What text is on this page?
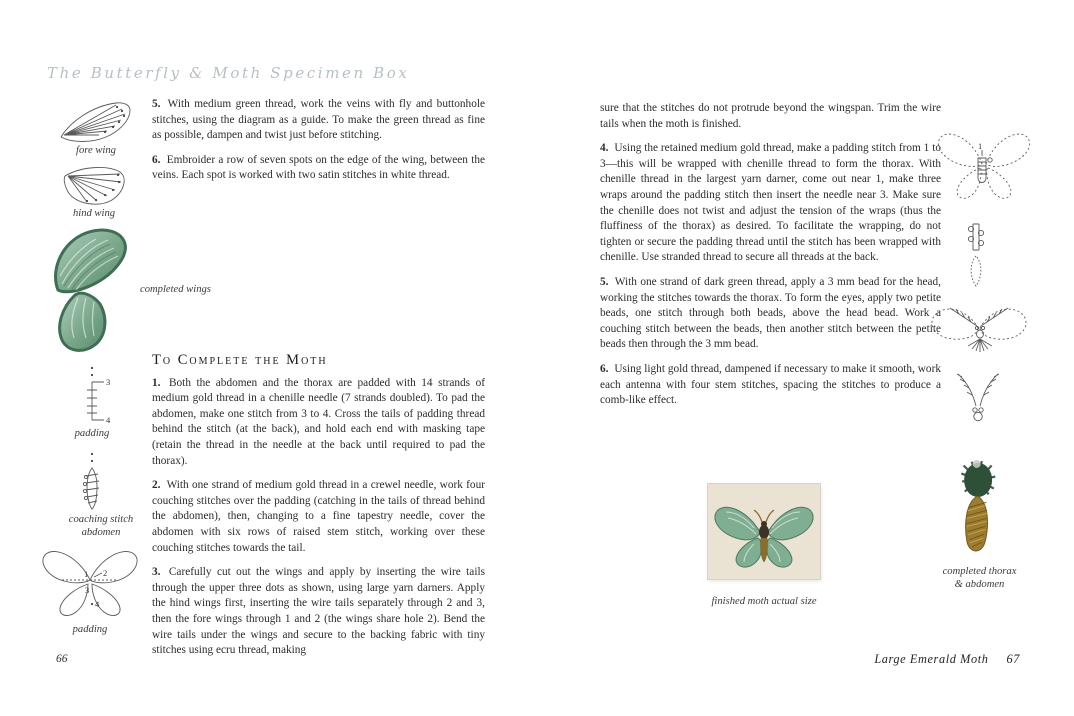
The Butterfly & Moth Specimen Box
fore wing
hind wing
completed wings
3
4
padding
coaching stitch
abdomen
1 2
3
4
padding

5. With medium green thread, work the veins with fly and buttonhole stitches, using the diagram as a guide. To make the green thread as fine as possible, dampen and twist just before stitching.

6. Embroider a row of seven spots on the edge of the wing, between the veins. Each spot is worked with two satin stitches in white thread.

To Complete the Moth

1. Both the abdomen and the thorax are padded with 14 strands of medium gold thread in a chenille needle (7 strands doubled). To pad the abdomen, make one stitch from 3 to 4. Cross the tails of padding thread behind the stitch (at the back), and hold each end with masking tape (retain the thread in the needle at the back until required to pad the thorax).

2. With one strand of medium gold thread in a crewel needle, work four couching stitches over the padding (catching in the tails of thread behind the abdomen), then, changing to a fine tapestry needle, cover the abdomen with six rows of raised stem stitch, working over these couching stitches towards the tail.

3. Carefully cut out the wings and apply by inserting the wire tails through the upper three dots as shown, using large yarn darners. Apply the hind wings first, inserting the wire tails separately through 2 and 3, then the fore wings through 1 and 2 (the wings share hole 2). Bend the wire tails under the wings and secure to the backing fabric with tiny stitches using ecru thread, making

66

sure that the stitches do not protrude beyond the wingspan. Trim the wire tails when the moth is finished.

4. Using the retained medium gold thread, make a padding stitch from 1 to 3—this will be wrapped with chenille thread to form the thorax. With chenille thread in the largest yarn darner, come out near 1, make three wraps around the padding stitch then insert the needle near 3. Make sure the chenille does not twist and adjust the tension of the wraps (thus the fluffiness of the thorax) as desired. To facilitate the wrapping, do not tighten or secure the padding thread until the stitch has been wrapped with chenille. Use stranded thread to secure all threads at the back.

5. With one strand of dark green thread, apply a 3 mm bead for the head, working the stitches towards the thorax. To form the eyes, apply two petite beads, one stitch through both beads, above the head bead. Work a couching stitch between the beads, then another stitch between the petite beads then through the 3 mm bead.

6. Using light gold thread, dampened if necessary to make it smooth, work each antenna with four stem stitches, spacing the stitches to produce a comb-like effect.

1
completed thorax
& abdomen
finished moth actual size
Large Emerald Moth 67
